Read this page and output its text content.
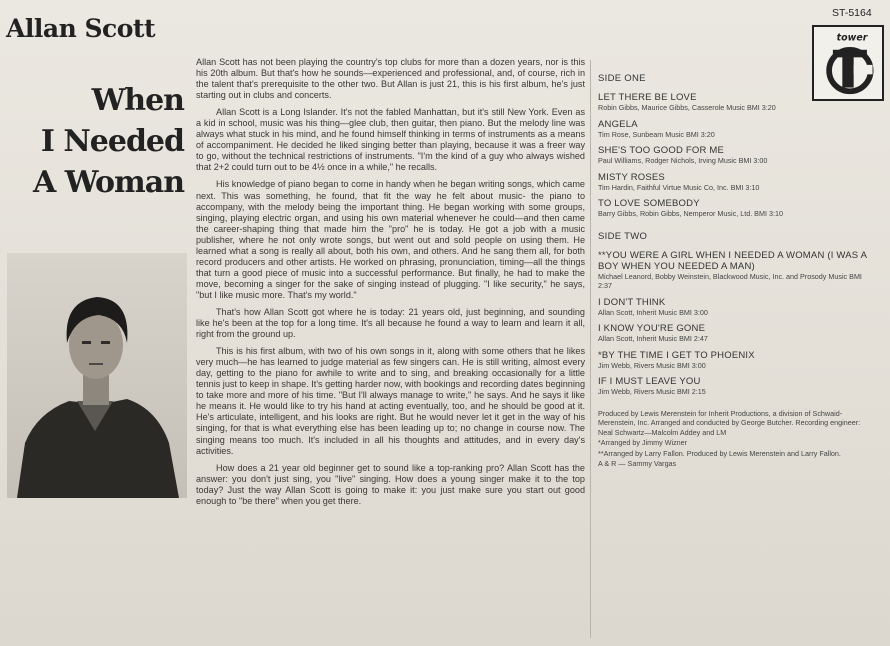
Allan Scott
When
I Needed
A Woman

Allan Scott has not been playing the country's top clubs for more than a dozen years, nor is this his 20th album. But that's how he sounds—experienced and professional, and, of course, rich in the talent that's prerequisite to the other two. But Allan is just 21, this is his first album, he's just starting out in clubs and concerts.

Allan Scott is a Long Islander. It's not the fabled Manhattan, but it's still New York. Even as a kid in school, music was his thing—glee club, then guitar, then piano. But the melody line was always what stuck in his mind, and he found himself thinking in terms of instruments as a means of accompaniment. He decided he liked singing better than playing, because it was a freer way to go, without the technical restrictions of instruments. "I'm the kind of a guy who always wished that 2+2 could turn out to be 4½ once in a while," he recalls.

His knowledge of piano began to come in handy when he began writing songs, which came next. This was something, he found, that fit the way he felt about music- the piano to accompany, with the melody being the important thing. He began working with some groups, singing, playing electric organ, and using his own material whenever he could—and then came the career-shaping thing that made him the "pro" he is today. He got a job with a music publisher, where he not only wrote songs, but went out and sold people on using them. He learned what a song is really all about, both his own, and others. And he sang them all, for both record producers and other artists. He worked on phrasing, pronunciation, timing—all the things that turn a good piece of music into a successful performance. But finally, he had to make the move, becoming a singer for the sake of singing instead of plugging. "I like security," he says, "but I like music more. That's my world."

That's how Allan Scott got where he is today: 21 years old, just beginning, and sounding like he's been at the top for a long time. It's all because he found a way to learn and learn it all, right from the ground up.

This is his first album, with two of his own songs in it, along with some others that he likes very much—he has learned to judge material as few singers can. He is still writing, almost every day, getting to the piano for awhile to write and to sing, and breaking occasionally for a little tennis just to keep in shape. It's getting harder now, with bookings and recording dates beginning to take more and more of his time. "But I'll always manage to write," he says. And he says it like he means it. He would like to try his hand at acting eventually, too, and he should be good at it. He's articulate, intelligent, and his looks are right. But he would never let it get in the way of his singing, for that is what everything else has been leading up to; no change in course now. The singing means too much. It's included in all his thoughts and attitudes, and in every day's activities.

How does a 21 year old beginner get to sound like a top-ranking pro? Allan Scott has the answer: you don't just sing, you "live" singing. How does a young singer make it to the top today? Just the way Allan Scott is going to make it: you just make sure you start out good enough to "be there" when you get there.

ST-5164
tower
SIDE ONE
LET THERE BE LOVE
Robin Gibbs, Maurice Gibbs, Casserole Music BMI 3:20
ANGELA
Tim Rose, Sunbeam Music BMI 3:20
SHE'S TOO GOOD FOR ME
Paul Williams, Rodger Nichols, Irving Music BMI 3:00
MISTY ROSES
Tim Hardin, Faithful Virtue Music Co, Inc. BMI 3:10
TO LOVE SOMEBODY
Barry Gibbs, Robin Gibbs, Nemperor Music, Ltd. BMI 3:10
SIDE TWO
**YOU WERE A GIRL WHEN I NEEDED A WOMAN (I WAS A BOY WHEN YOU NEEDED A MAN)
Michael Leanord, Bobby Weinstein, Blackwood Music, Inc. and Prosody Music BMI 2:37
I DON'T THINK
Allan Scott, Inherit Music BMI 3:00
I KNOW YOU'RE GONE
Allan Scott, Inherit Music BMI 2:47
*BY THE TIME I GET TO PHOENIX
Jim Webb, Rivers Music BMI 3:00
IF I MUST LEAVE YOU
Jim Webb, Rivers Music BMI 2:15
Produced by Lewis Merenstein for Inherit Productions, a division of Schwaid-Merenstein, Inc. Arranged and conducted by George Butcher. Recording engineer: Neal Schwartz—Malcolm Addey and LM
*Arranged by Jimmy Wizner
**Arranged by Larry Fallon. Produced by Lewis Merenstein and Larry Fallon.
A & R — Sammy Vargas
